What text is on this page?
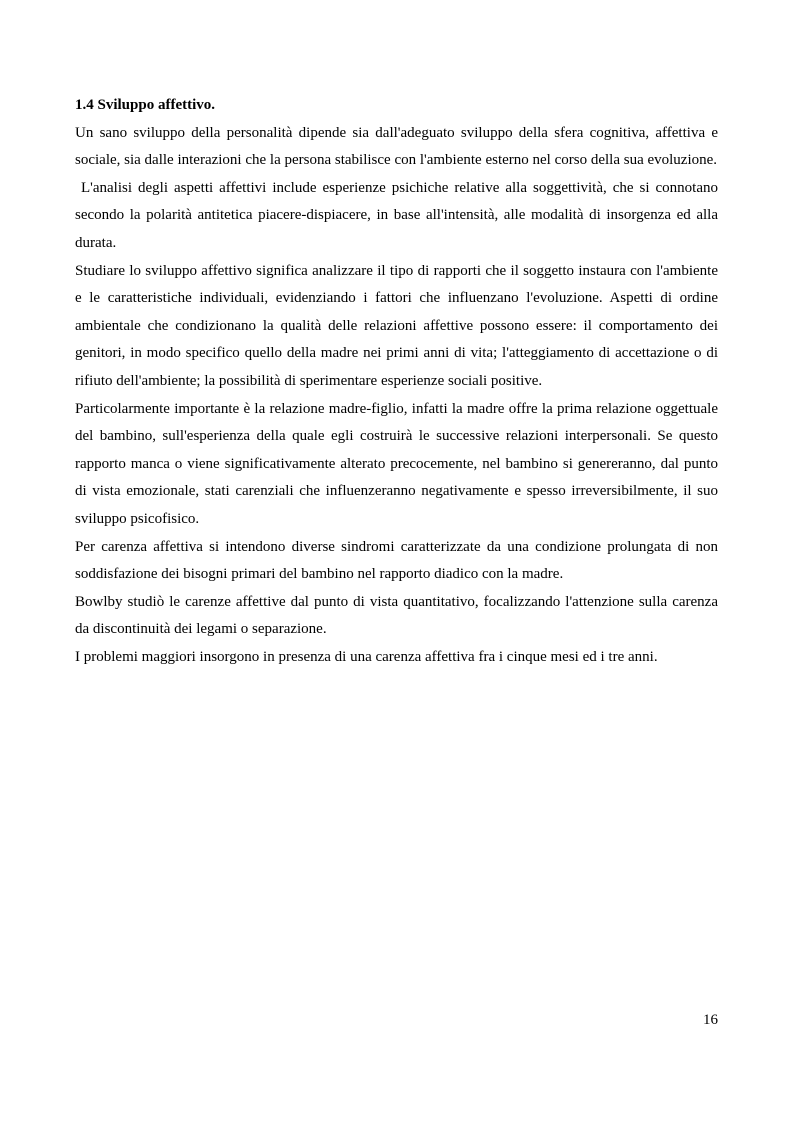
1.4 Sviluppo affettivo.

Un sano sviluppo della personalità dipende sia dall'adeguato sviluppo della sfera cognitiva, affettiva e sociale, sia dalle interazioni che la persona stabilisce con l'ambiente esterno nel corso della sua evoluzione.

L'analisi degli aspetti affettivi include esperienze psichiche relative alla soggettività, che si connotano secondo la polarità antitetica piacere-dispiacere, in base all'intensità, alle modalità di insorgenza ed alla durata.

Studiare lo sviluppo affettivo significa analizzare il tipo di rapporti che il soggetto instaura con l'ambiente e le caratteristiche individuali, evidenziando i fattori che influenzano l'evoluzione. Aspetti di ordine ambientale che condizionano la qualità delle relazioni affettive possono essere: il comportamento dei genitori, in modo specifico quello della madre nei primi anni di vita; l'atteggiamento di accettazione o di rifiuto dell'ambiente; la possibilità di sperimentare esperienze sociali positive.

Particolarmente importante è la relazione madre-figlio, infatti la madre offre la prima relazione oggettuale del bambino, sull'esperienza della quale egli costruirà le successive relazioni interpersonali. Se questo rapporto manca o viene significativamente alterato precocemente, nel bambino si genereranno, dal punto di vista emozionale, stati carenziali che influenzeranno negativamente e spesso irreversibilmente, il suo sviluppo psicofisico.

Per carenza affettiva si intendono diverse sindromi caratterizzate da una condizione prolungata di non soddisfazione dei bisogni primari del bambino nel rapporto diadico con la madre.

Bowlby studiò le carenze affettive dal punto di vista quantitativo, focalizzando l'attenzione sulla carenza da discontinuità dei legami o separazione.

I problemi maggiori insorgono in presenza di una carenza affettiva fra i cinque mesi ed i tre anni.

16
